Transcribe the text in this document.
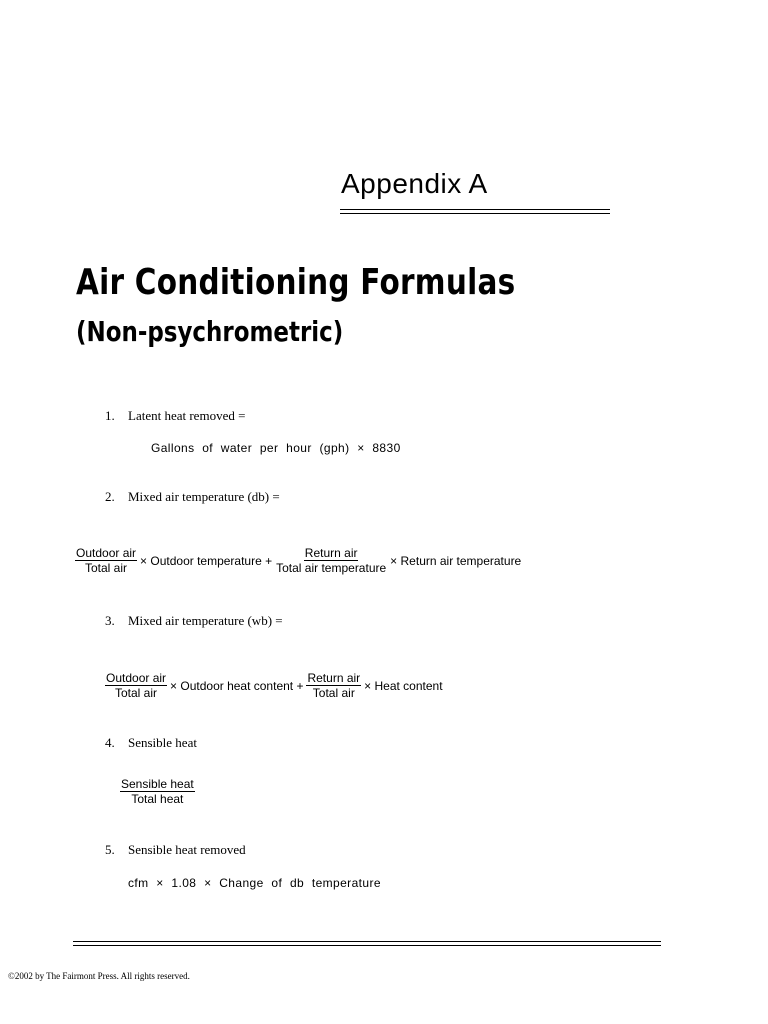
Appendix A
Air Conditioning Formulas
(Non-psychrometric)
1. Latent heat removed =
Gallons of water per hour (gph) × 8830
2. Mixed air temperature (db) =
$\frac{\text{Outdoor air}}{\text{Total air}}$ × Outdoor temperature + $\frac{\text{Return air}}{\text{Total air temperature}}$ × Return air temperature
3. Mixed air temperature (wb) =
$\frac{\text{Outdoor air}}{\text{Total air}}$ × Outdoor heat content + $\frac{\text{Return air}}{\text{Total air}}$ × Heat content
4. Sensible heat
$\frac{\text{Sensible heat}}{\text{Total heat}}$
5. Sensible heat removed
cfm × 1.08 × Change of db temperature
©2002 by The Fairmont Press. All rights reserved.
